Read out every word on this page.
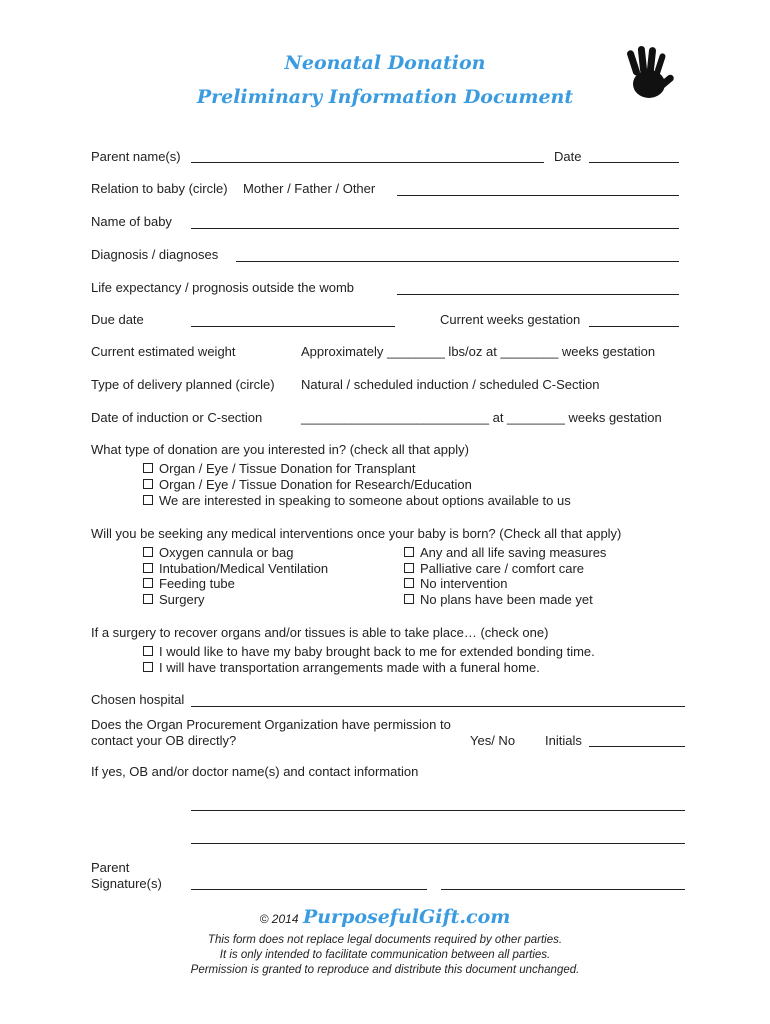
Neonatal Donation
Preliminary Information Document
Parent name(s)	Date
Relation to baby (circle) Mother / Father / Other
Name of baby
Diagnosis / diagnoses
Life expectancy / prognosis outside the womb
Due date	Current weeks gestation
Current estimated weight	Approximately ________ lbs/oz at ________ weeks gestation
Type of delivery planned (circle) Natural / scheduled induction / scheduled C-Section
Date of induction or C-section	__________________________ at ________ weeks gestation
What type of donation are you interested in? (check all that apply)
Organ / Eye / Tissue Donation for Transplant
Organ / Eye / Tissue Donation for Research/Education
We are interested in speaking to someone about options available to us
Will you be seeking any medical interventions once your baby is born? (Check all that apply)
Oxygen cannula or bag
Intubation/Medical Ventilation
Feeding tube
Surgery
Any and all life saving measures
Palliative care / comfort care
No intervention
No plans have been made yet
If a surgery to recover organs and/or tissues is able to take place… (check one)
I would like to have my baby brought back to me for extended bonding time.
I will have transportation arrangements made with a funeral home.
Chosen hospital
Does the Organ Procurement Organization have permission to
contact your OB directly?	Yes/ No Initials
If yes, OB and/or doctor name(s) and contact information
Parent
Signature(s)
© 2014 PurposefulGift.com
This form does not replace legal documents required by other parties.
It is only intended to facilitate communication between all parties.
Permission is granted to reproduce and distribute this document unchanged.
